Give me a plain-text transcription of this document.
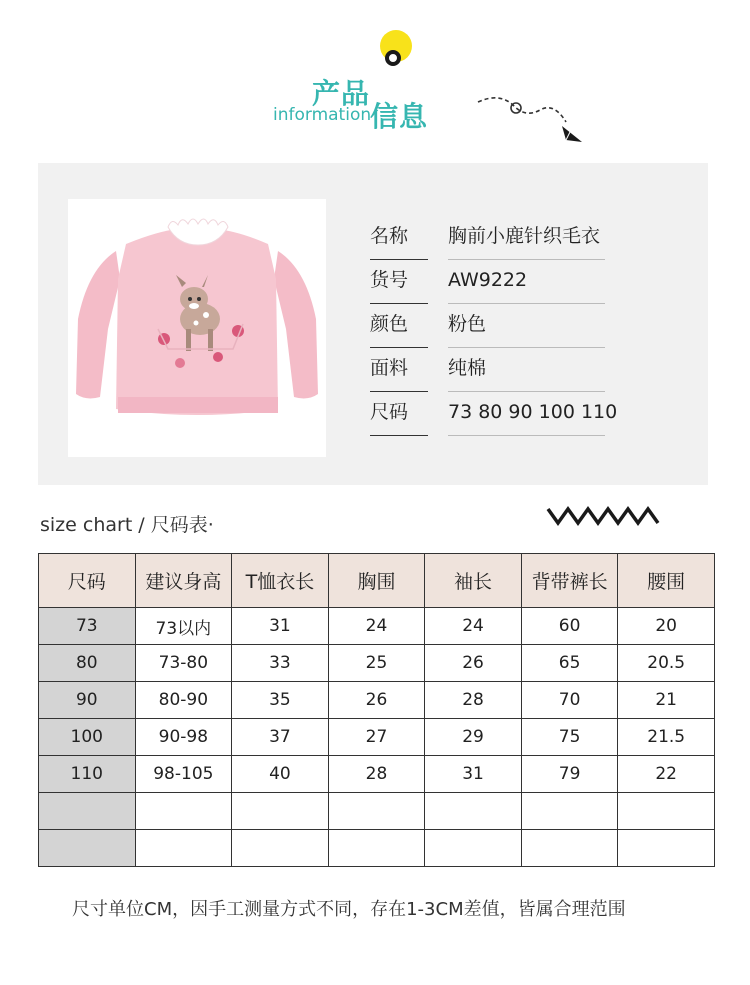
产品
information
信息
名称	胸前小鹿针织毛衣
货号	AW9222
颜色	粉色
面料	纯棉
尺码	73 80 90 100 110
size chart / 尺码表·
尺码	建议身高	T恤衣长	胸围	袖长	背带裤长	腰围
73	73以内	31	24	24	60	20
80	73-80	33	25	26	65	20.5
90	80-90	35	26	28	70	21
100	90-98	37	27	29	75	21.5
110	98-105	40	28	31	79	22

尺寸单位CM，因手工测量方式不同，存在1-3CM差值，皆属合理范围
